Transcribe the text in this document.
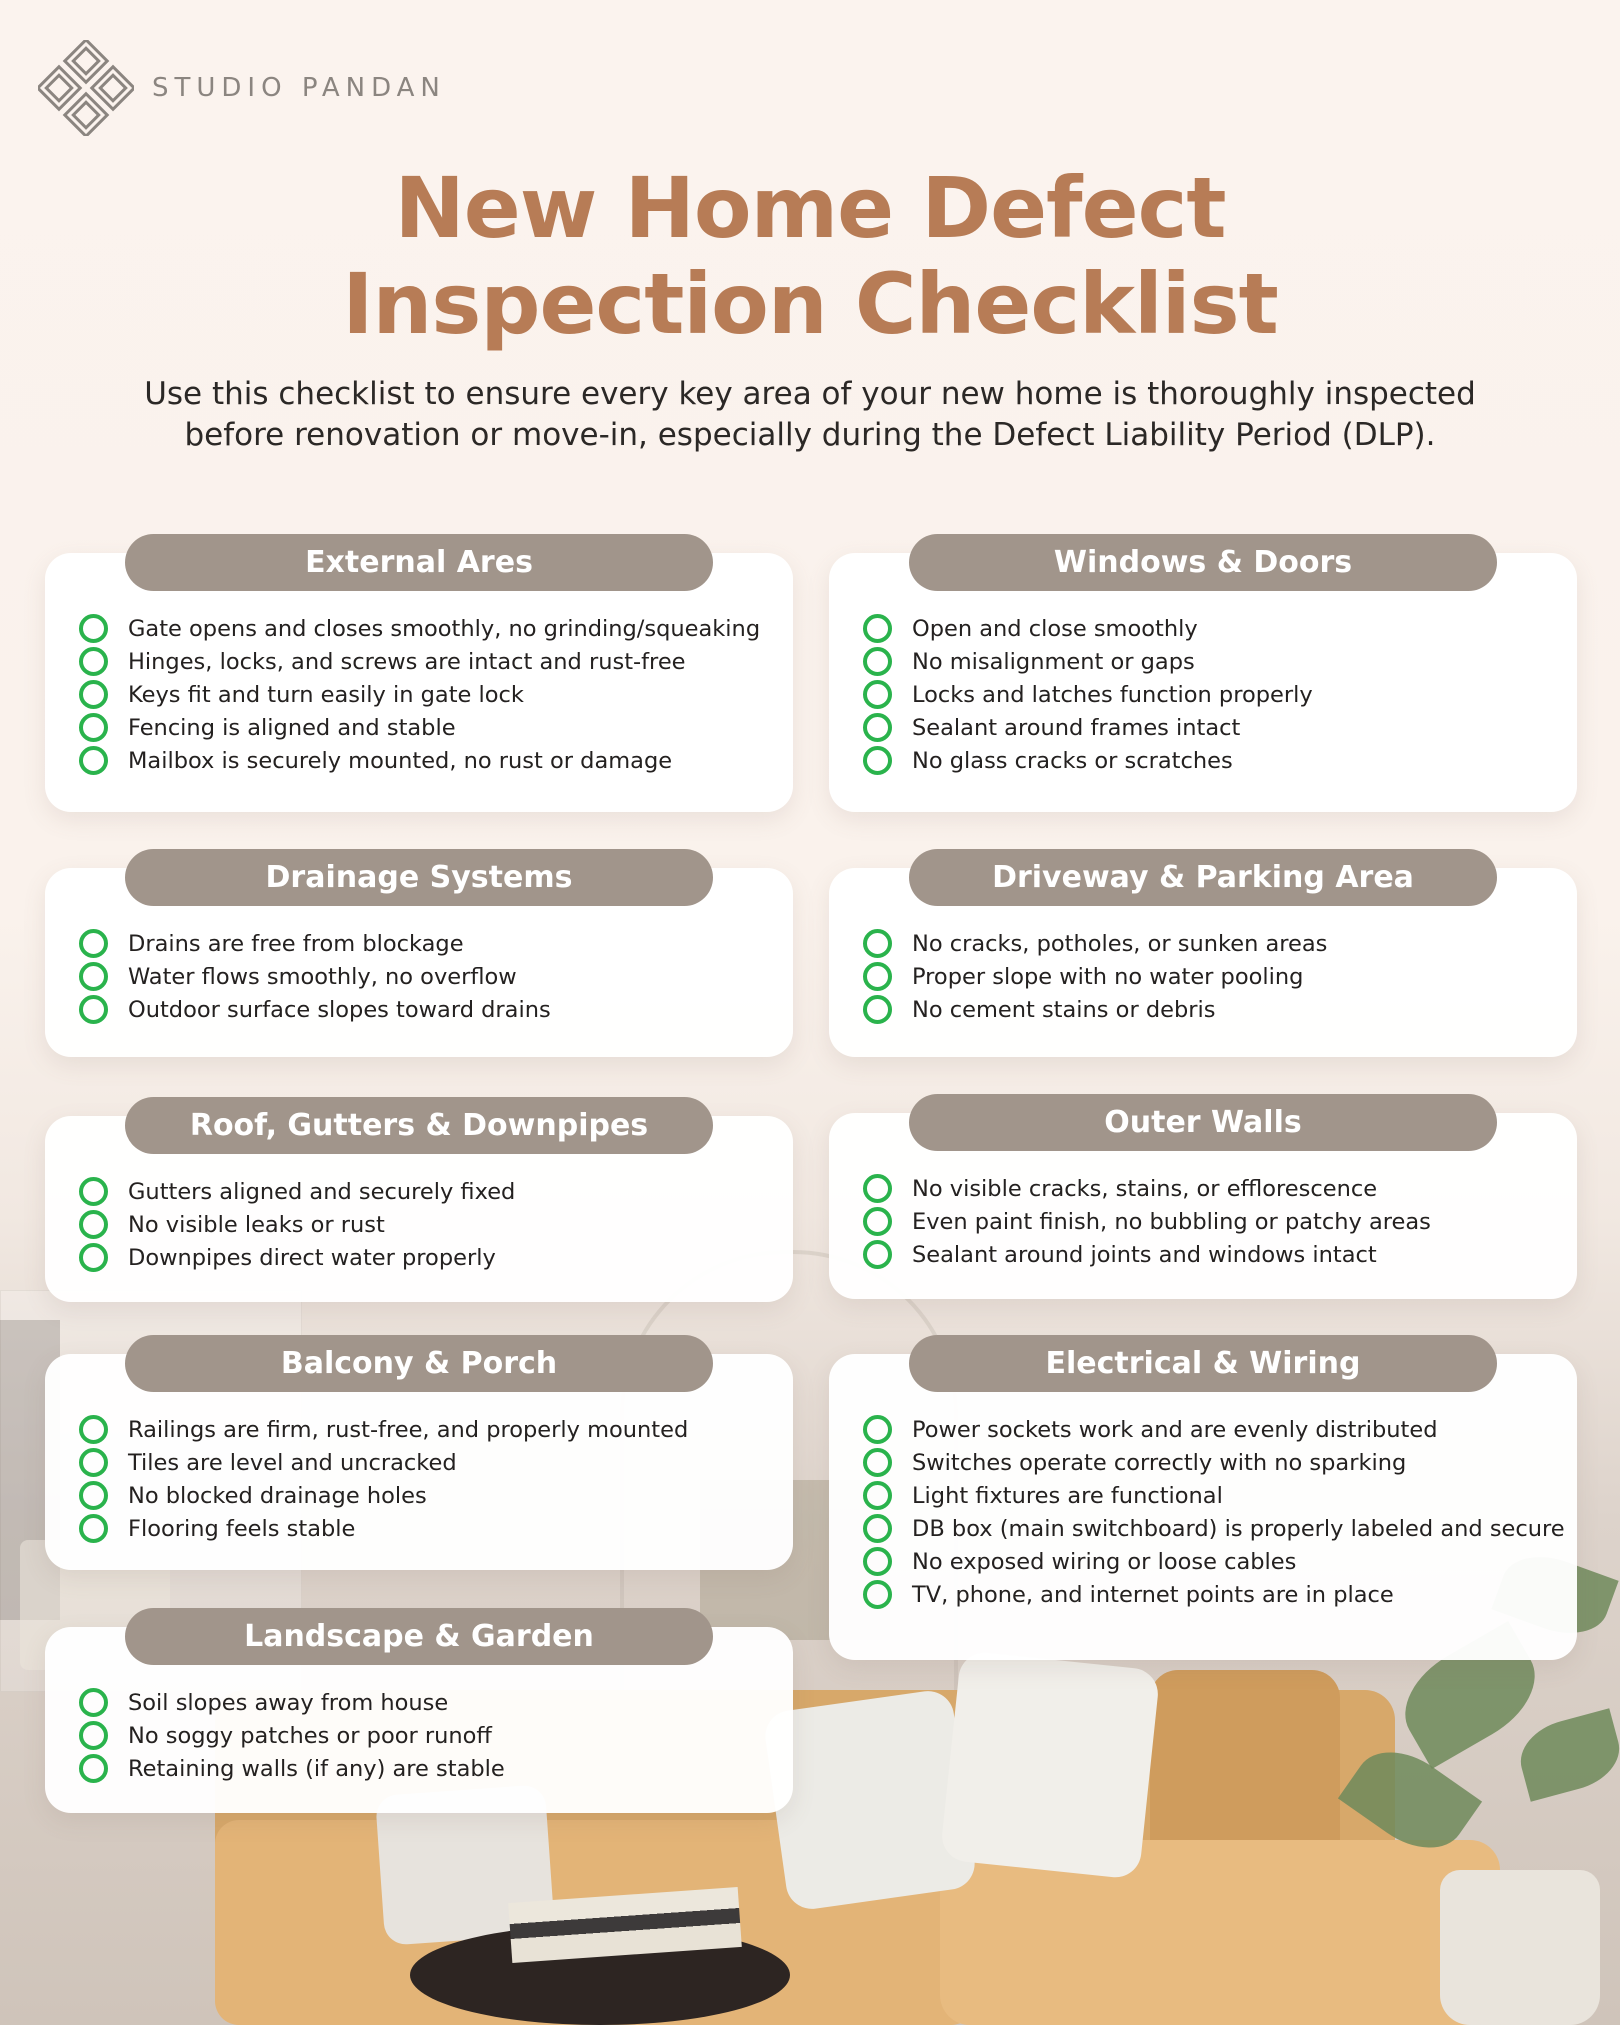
STUDIO PANDAN
New Home Defect
Inspection Checklist

Use this checklist to ensure every key area of your new home is thoroughly inspected
before renovation or move-in, especially during the Defect Liability Period (DLP).

External Ares
Gate opens and closes smoothly, no grinding/squeaking
Hinges, locks, and screws are intact and rust-free
Keys fit and turn easily in gate lock
Fencing is aligned and stable
Mailbox is securely mounted, no rust or damage
Windows & Doors
Open and close smoothly
No misalignment or gaps
Locks and latches function properly
Sealant around frames intact
No glass cracks or scratches
Drainage Systems
Drains are free from blockage
Water flows smoothly, no overflow
Outdoor surface slopes toward drains
Driveway & Parking Area
No cracks, potholes, or sunken areas
Proper slope with no water pooling
No cement stains or debris
Roof, Gutters & Downpipes
Gutters aligned and securely fixed
No visible leaks or rust
Downpipes direct water properly
Outer Walls
No visible cracks, stains, or efflorescence
Even paint finish, no bubbling or patchy areas
Sealant around joints and windows intact
Balcony & Porch
Railings are firm, rust-free, and properly mounted
Tiles are level and uncracked
No blocked drainage holes
Flooring feels stable
Electrical & Wiring
Power sockets work and are evenly distributed
Switches operate correctly with no sparking
Light fixtures are functional
DB box (main switchboard) is properly labeled and secure
No exposed wiring or loose cables
TV, phone, and internet points are in place
Landscape & Garden
Soil slopes away from house
No soggy patches or poor runoff
Retaining walls (if any) are stable
